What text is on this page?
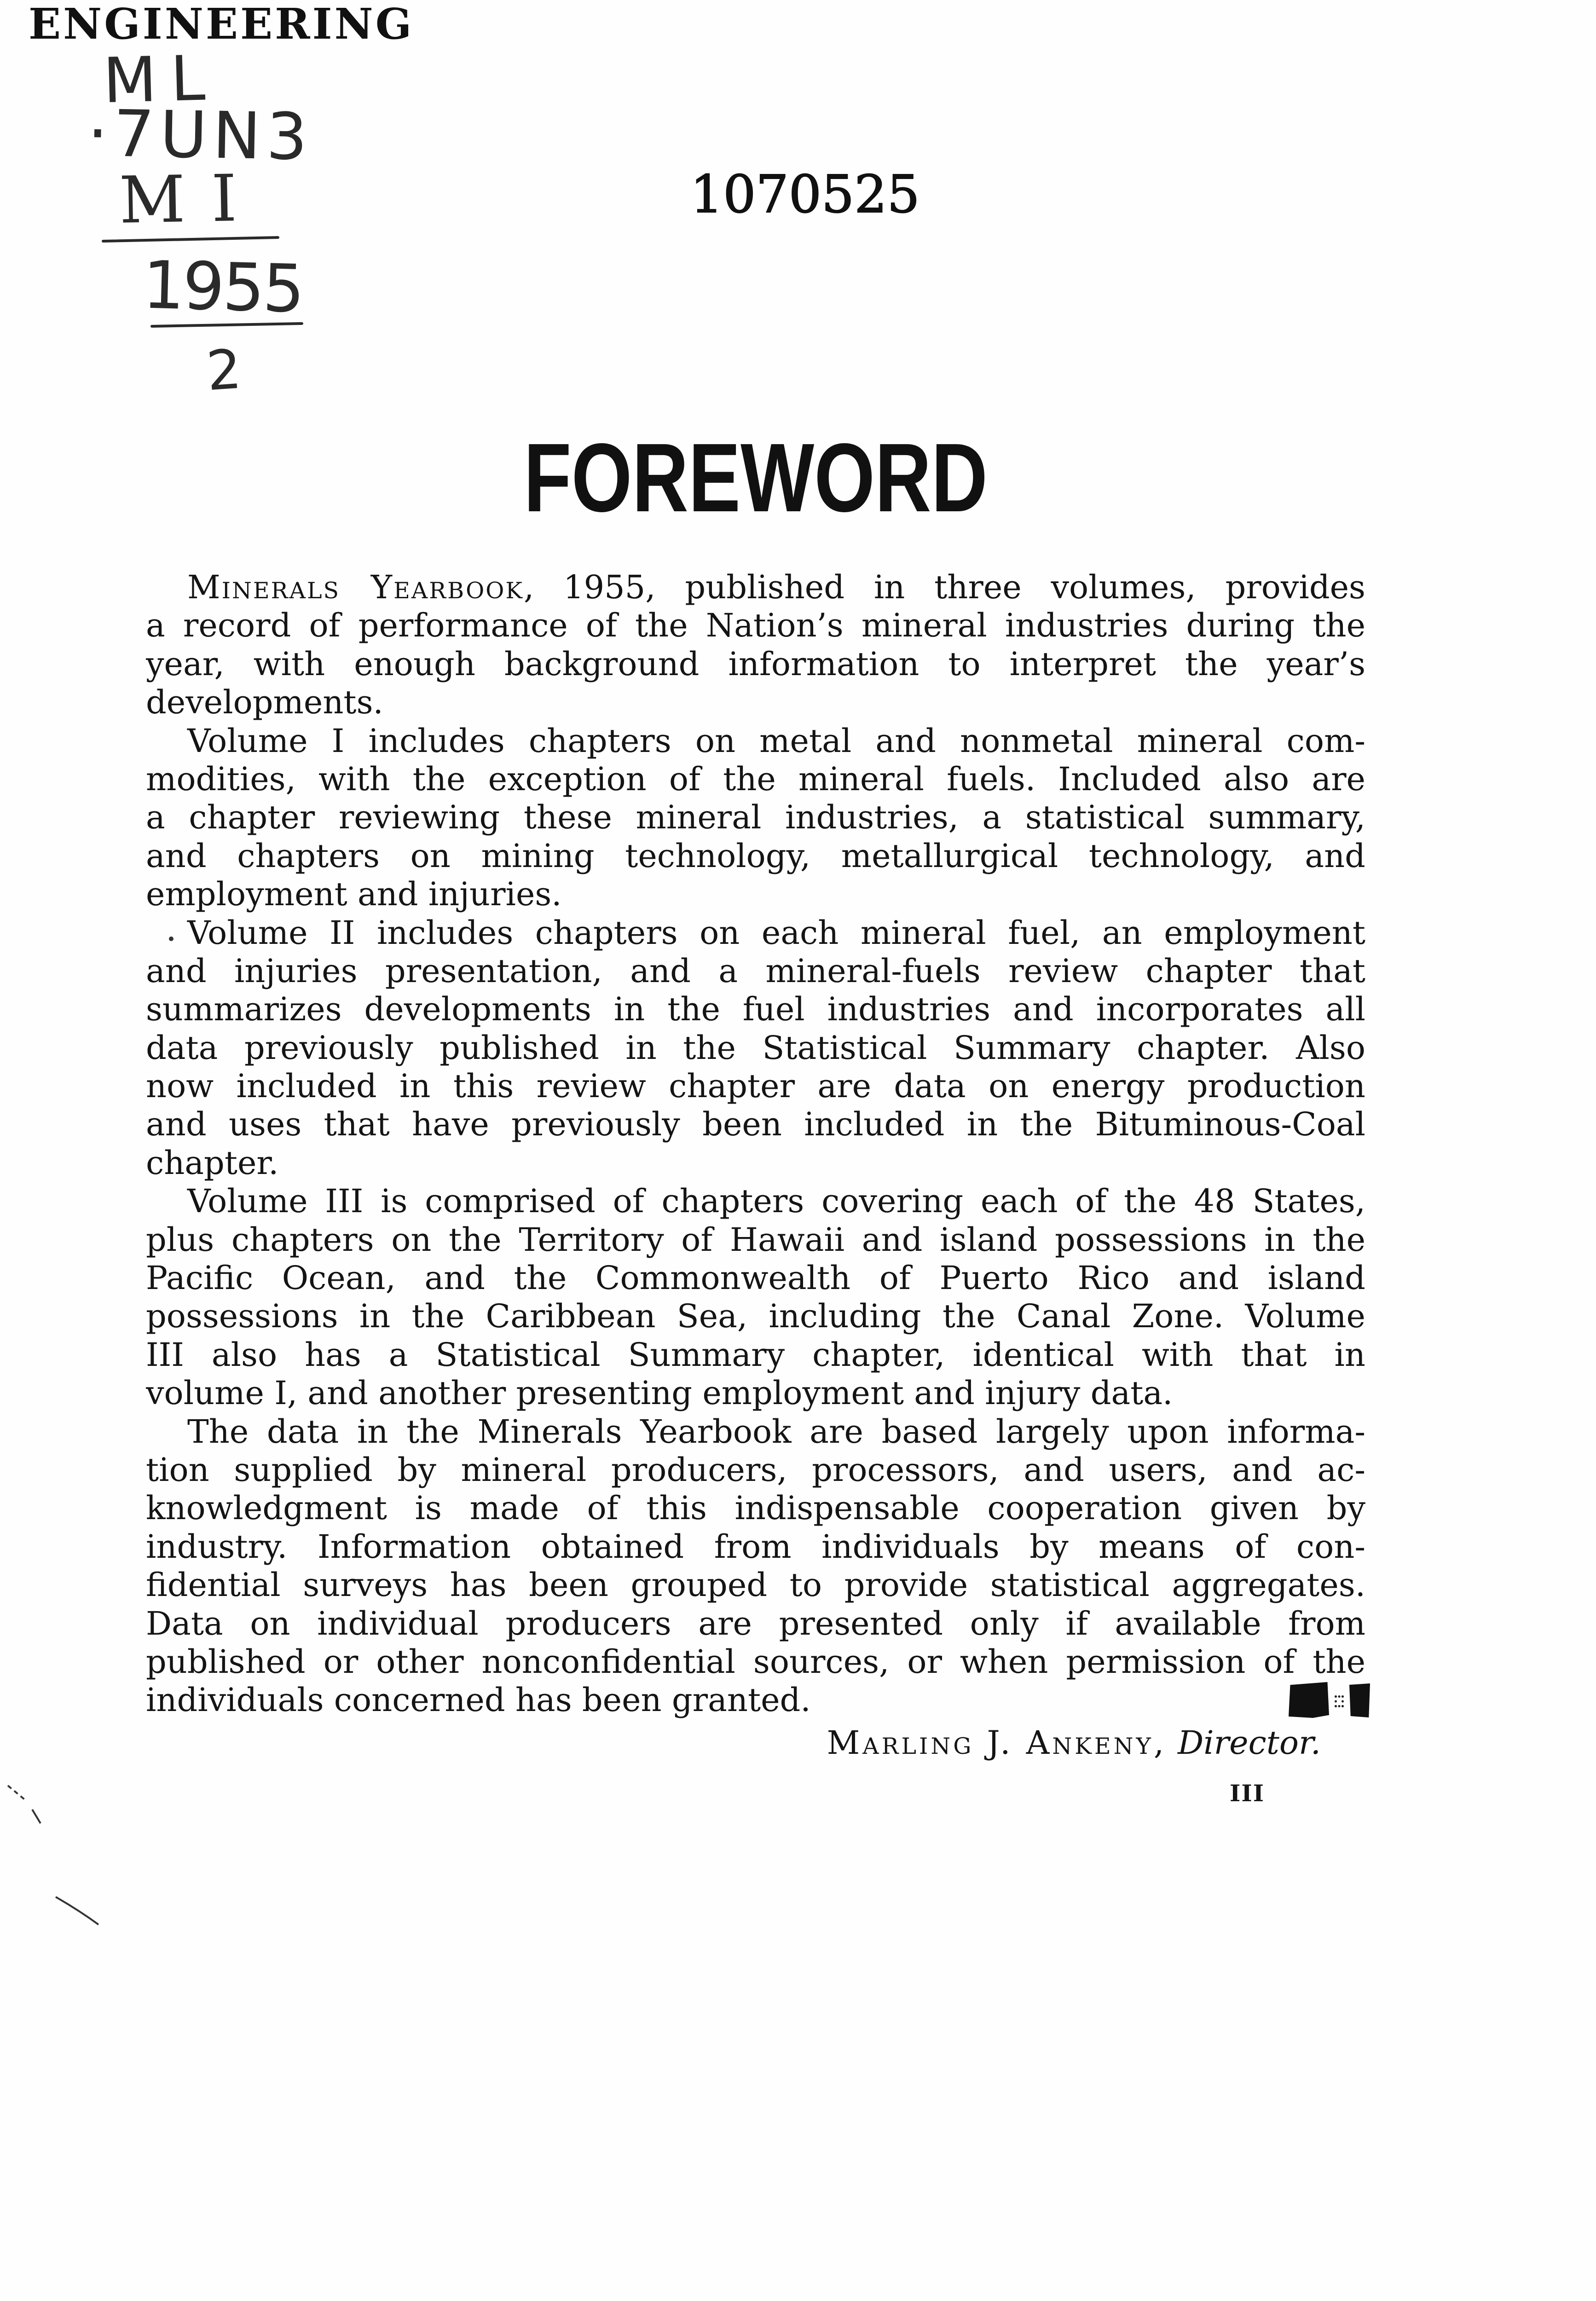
ENGINEERING
ML
·7UN3
MI
1955
2
1070525
FOREWORD
Minerals Yearbook, 1955, published in three volumes, provides
a record of performance of the Nation’s mineral industries during the
year, with enough background information to interpret the year’s
developments.
Volume I includes chapters on metal and nonmetal mineral com-
modities, with the exception of the mineral fuels. Included also are
a chapter reviewing these mineral industries, a statistical summary,
and chapters on mining technology, metallurgical technology, and
employment and injuries.
Volume II includes chapters on each mineral fuel, an employment
and injuries presentation, and a mineral-fuels review chapter that
summarizes developments in the fuel industries and incorporates all
data previously published in the Statistical Summary chapter. Also
now included in this review chapter are data on energy production
and uses that have previously been included in the Bituminous-Coal
chapter.
Volume III is comprised of chapters covering each of the 48 States,
plus chapters on the Territory of Hawaii and island possessions in the
Pacific Ocean, and the Commonwealth of Puerto Rico and island
possessions in the Caribbean Sea, including the Canal Zone. Volume
III also has a Statistical Summary chapter, identical with that in
volume I, and another presenting employment and injury data.
The data in the Minerals Yearbook are based largely upon informa-
tion supplied by mineral producers, processors, and users, and ac-
knowledgment is made of this indispensable cooperation given by
industry. Information obtained from individuals by means of con-
fidential surveys has been grouped to provide statistical aggregates.
Data on individual producers are presented only if available from
published or other nonconfidential sources, or when permission of the
individuals concerned has been granted.
Marling J. Ankeny, Director.
III
